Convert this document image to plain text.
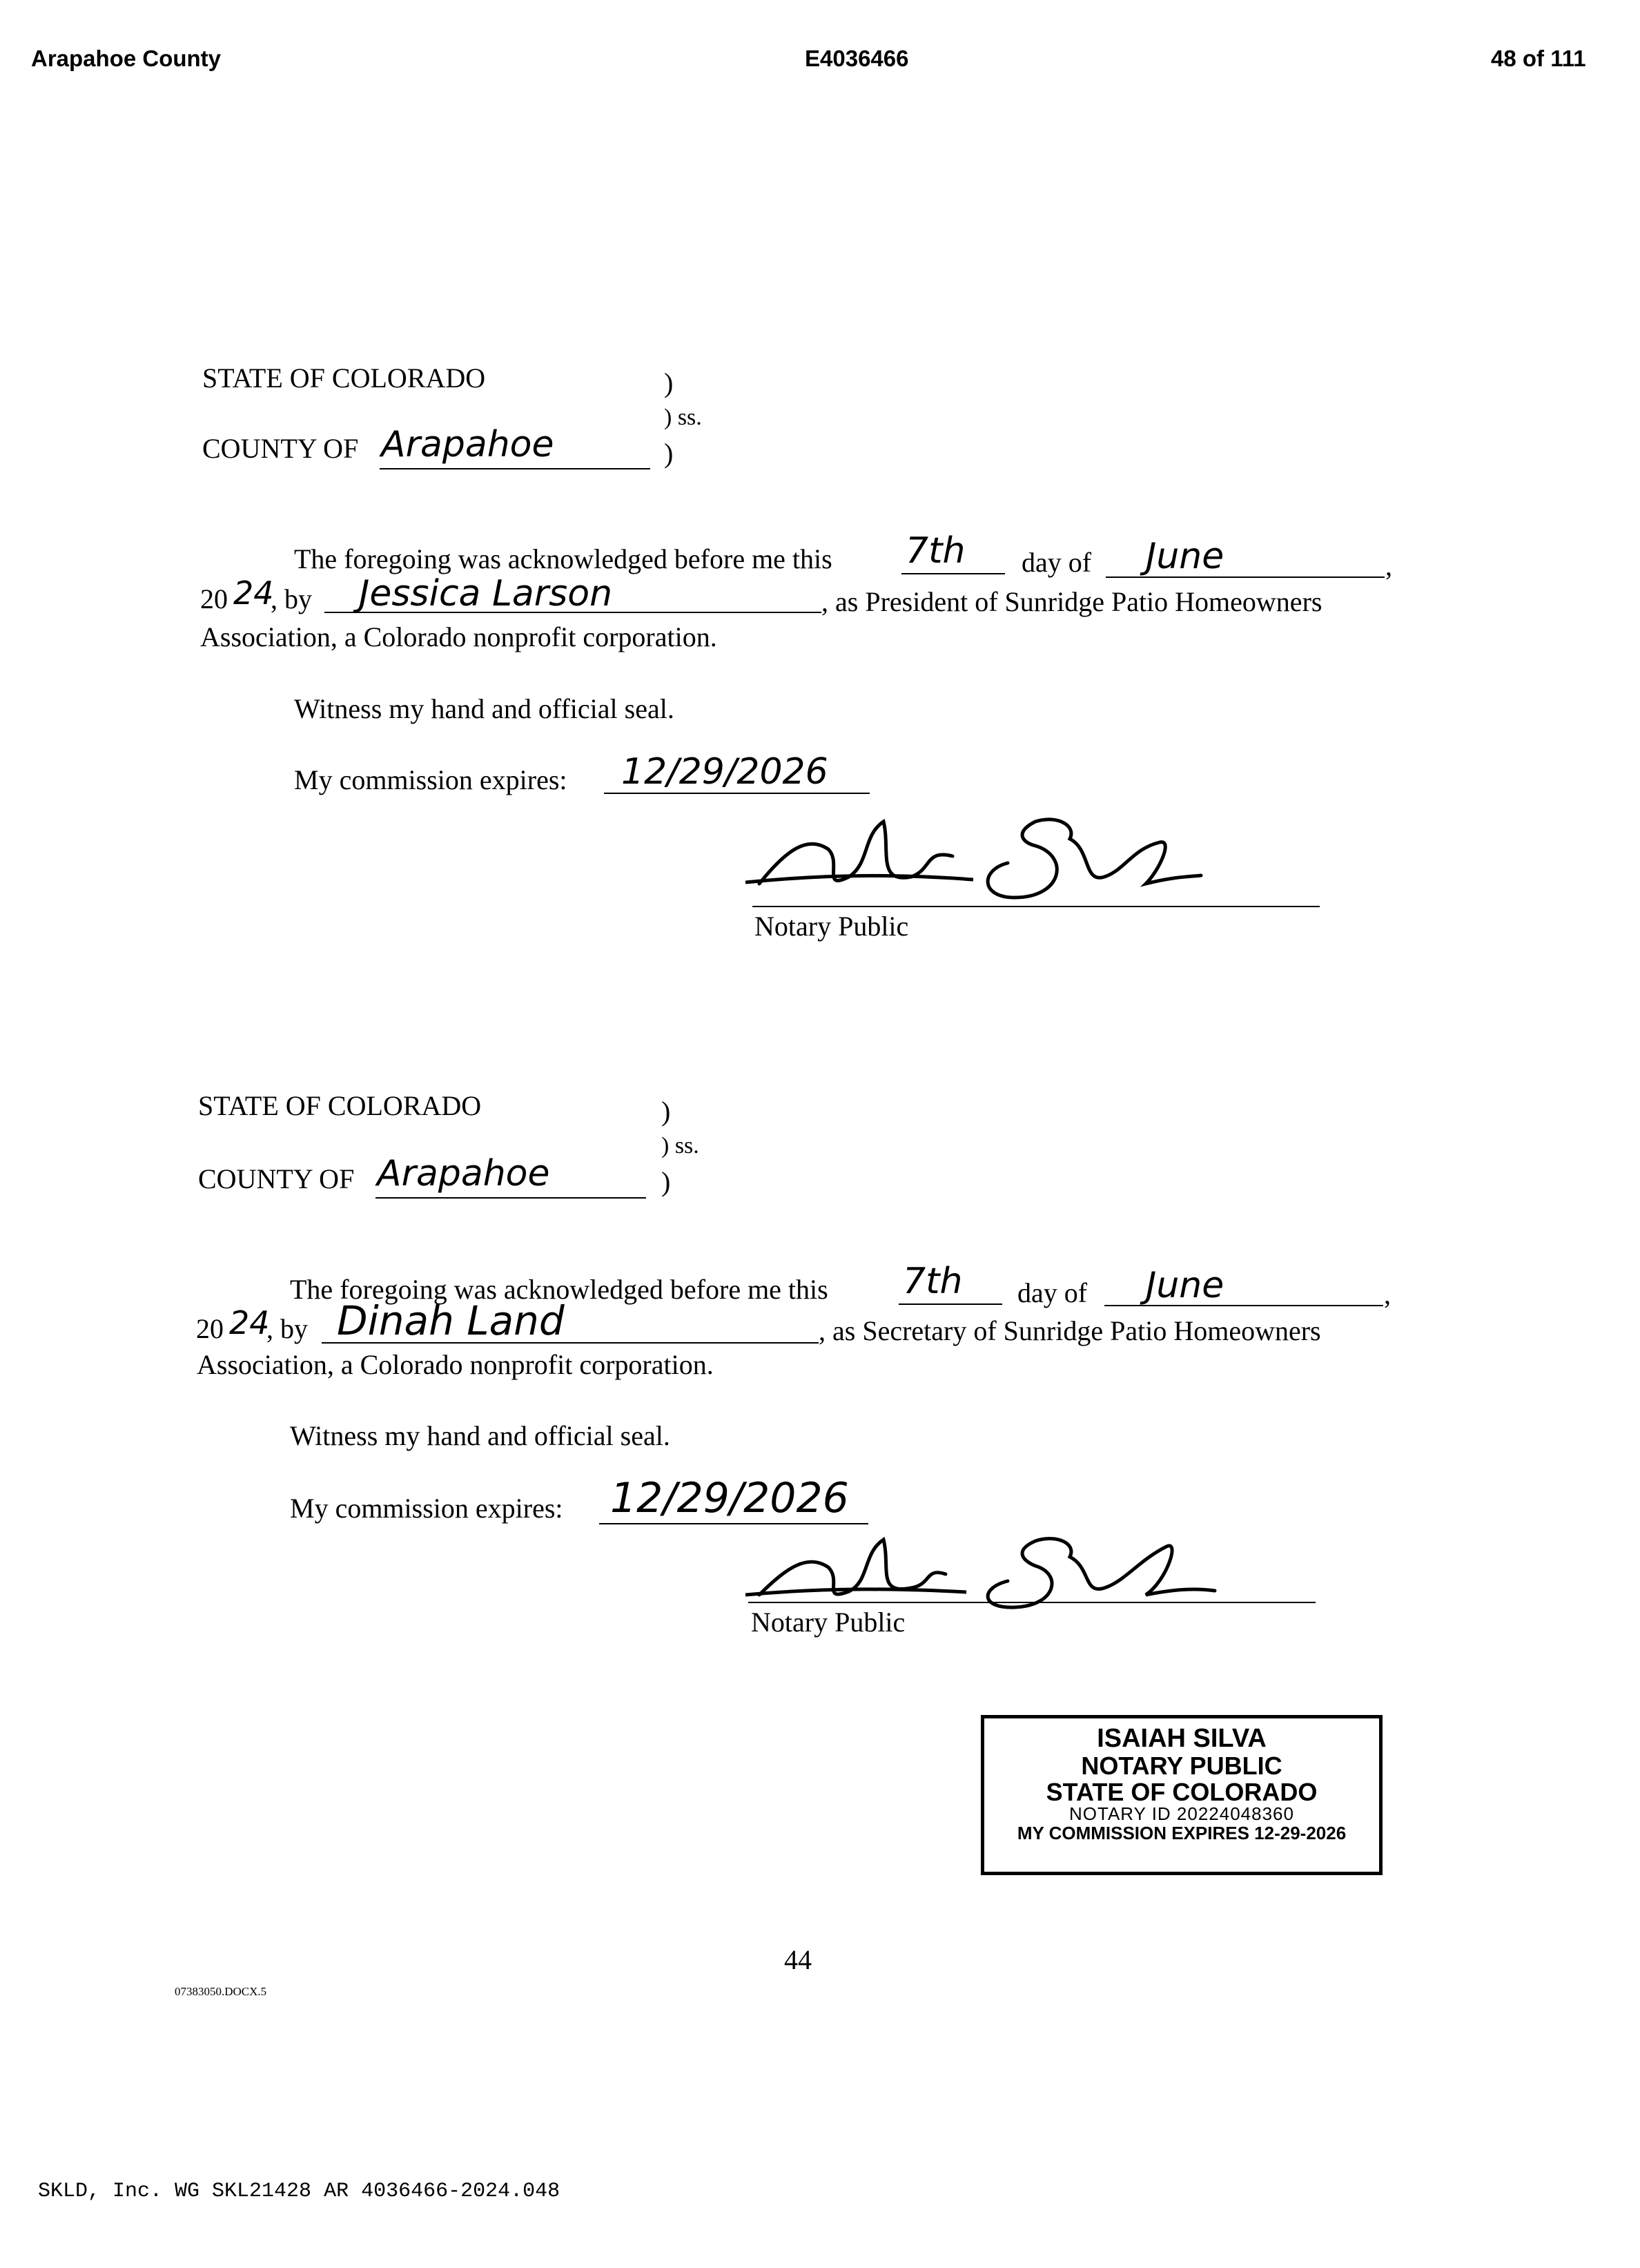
Arapahoe County	E4036466	48 of 111
STATE OF COLORADO	)
) ss.
COUNTY OF Arapahoe	)
The foregoing was acknowledged before me this 7th day of June	,
20 24
, by Jessica Larson	, as President of Sunridge Patio Homeowners
Association, a Colorado nonprofit corporation.
Witness my hand and official seal.
My commission expires: 12/29/2026
Notary Public
STATE OF COLORADO	)
) ss.
COUNTY OF Arapahoe	)
The foregoing was acknowledged before me this 7th day of June	,
20 24
, by Dinah Land	, as Secretary of Sunridge Patio Homeowners
Association, a Colorado nonprofit corporation.
Witness my hand and official seal.
My commission expires: 12/29/2026
Notary Public
ISAIAH SILVA
NOTARY PUBLIC
STATE OF COLORADO
NOTARY ID 20224048360
MY COMMISSION EXPIRES 12-29-2026
44
07383050.DOCX.5
SKLD, Inc. WG SKL21428 AR 4036466-2024.048
